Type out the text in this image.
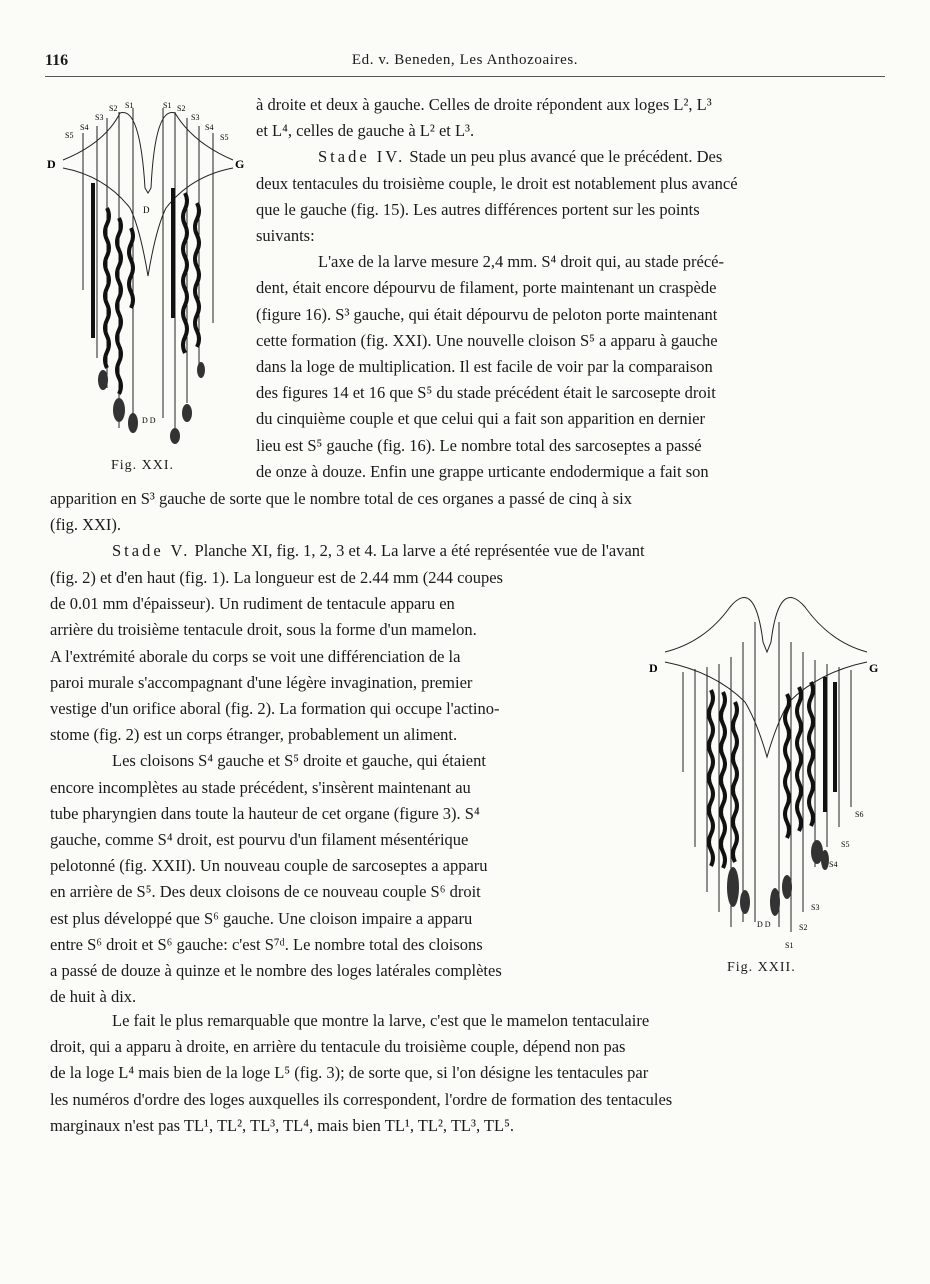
116	Ed. v. Beneden, Les Anthozoaires.
D	G
D
D D
S5
S4
S3
S2 S1	S1 S2
S3
S4
S5
Fig. XXI.
D	G
D D
S6
S5
S4
S3
S2
S1
Fig. XXII.

à droite et deux à gauche. Celles de droite répondent aux loges L², L³

et L⁴, celles de gauche à L² et L³.

Stade IV. Stade un peu plus avancé que le précédent. Des

deux tentacules du troisième couple, le droit est notablement plus avancé

que le gauche (fig. 15). Les autres différences portent sur les points

suivants:

L'axe de la larve mesure 2,4 mm. S⁴ droit qui, au stade précé-

dent, était encore dépourvu de filament, porte maintenant un craspède

(figure 16). S³ gauche, qui était dépourvu de peloton porte maintenant

cette formation (fig. XXI). Une nouvelle cloison S⁵ a apparu à gauche

dans la loge de multiplication. Il est facile de voir par la comparaison

des figures 14 et 16 que S⁵ du stade précédent était le sarcosepte droit

du cinquième couple et que celui qui a fait son apparition en dernier

lieu est S⁵ gauche (fig. 16). Le nombre total des sarcoseptes a passé

de onze à douze. Enfin une grappe urticante endodermique a fait son

apparition en S³ gauche de sorte que le nombre total de ces organes a passé de cinq à six

(fig. XXI).

Stade V. Planche XI, fig. 1, 2, 3 et 4. La larve a été représentée vue de l'avant

(fig. 2) et d'en haut (fig. 1). La longueur est de 2.44 mm (244 coupes

de 0.01 mm d'épaisseur). Un rudiment de tentacule apparu en

arrière du troisième tentacule droit, sous la forme d'un mamelon.

A l'extrémité aborale du corps se voit une différenciation de la

paroi murale s'accompagnant d'une légère invagination, premier

vestige d'un orifice aboral (fig. 2). La formation qui occupe l'actino-

stome (fig. 2) est un corps étranger, probablement un aliment.

Les cloisons S⁴ gauche et S⁵ droite et gauche, qui étaient

encore incomplètes au stade précédent, s'insèrent maintenant au

tube pharyngien dans toute la hauteur de cet organe (figure 3). S⁴

gauche, comme S⁴ droit, est pourvu d'un filament mésentérique

pelotonné (fig. XXII). Un nouveau couple de sarcoseptes a apparu

en arrière de S⁵. Des deux cloisons de ce nouveau couple S⁶ droit

est plus développé que S⁶ gauche. Une cloison impaire a apparu

entre S⁶ droit et S⁶ gauche: c'est S⁷ᵈ. Le nombre total des cloisons

a passé de douze à quinze et le nombre des loges latérales complètes

de huit à dix.

Le fait le plus remarquable que montre la larve, c'est que le mamelon tentaculaire

droit, qui a apparu à droite, en arrière du tentacule du troisième couple, dépend non pas

de la loge L⁴ mais bien de la loge L⁵ (fig. 3); de sorte que, si l'on désigne les tentacules par

les numéros d'ordre des loges auxquelles ils correspondent, l'ordre de formation des tentacules

marginaux n'est pas TL¹, TL², TL³, TL⁴, mais bien TL¹, TL², TL³, TL⁵.
